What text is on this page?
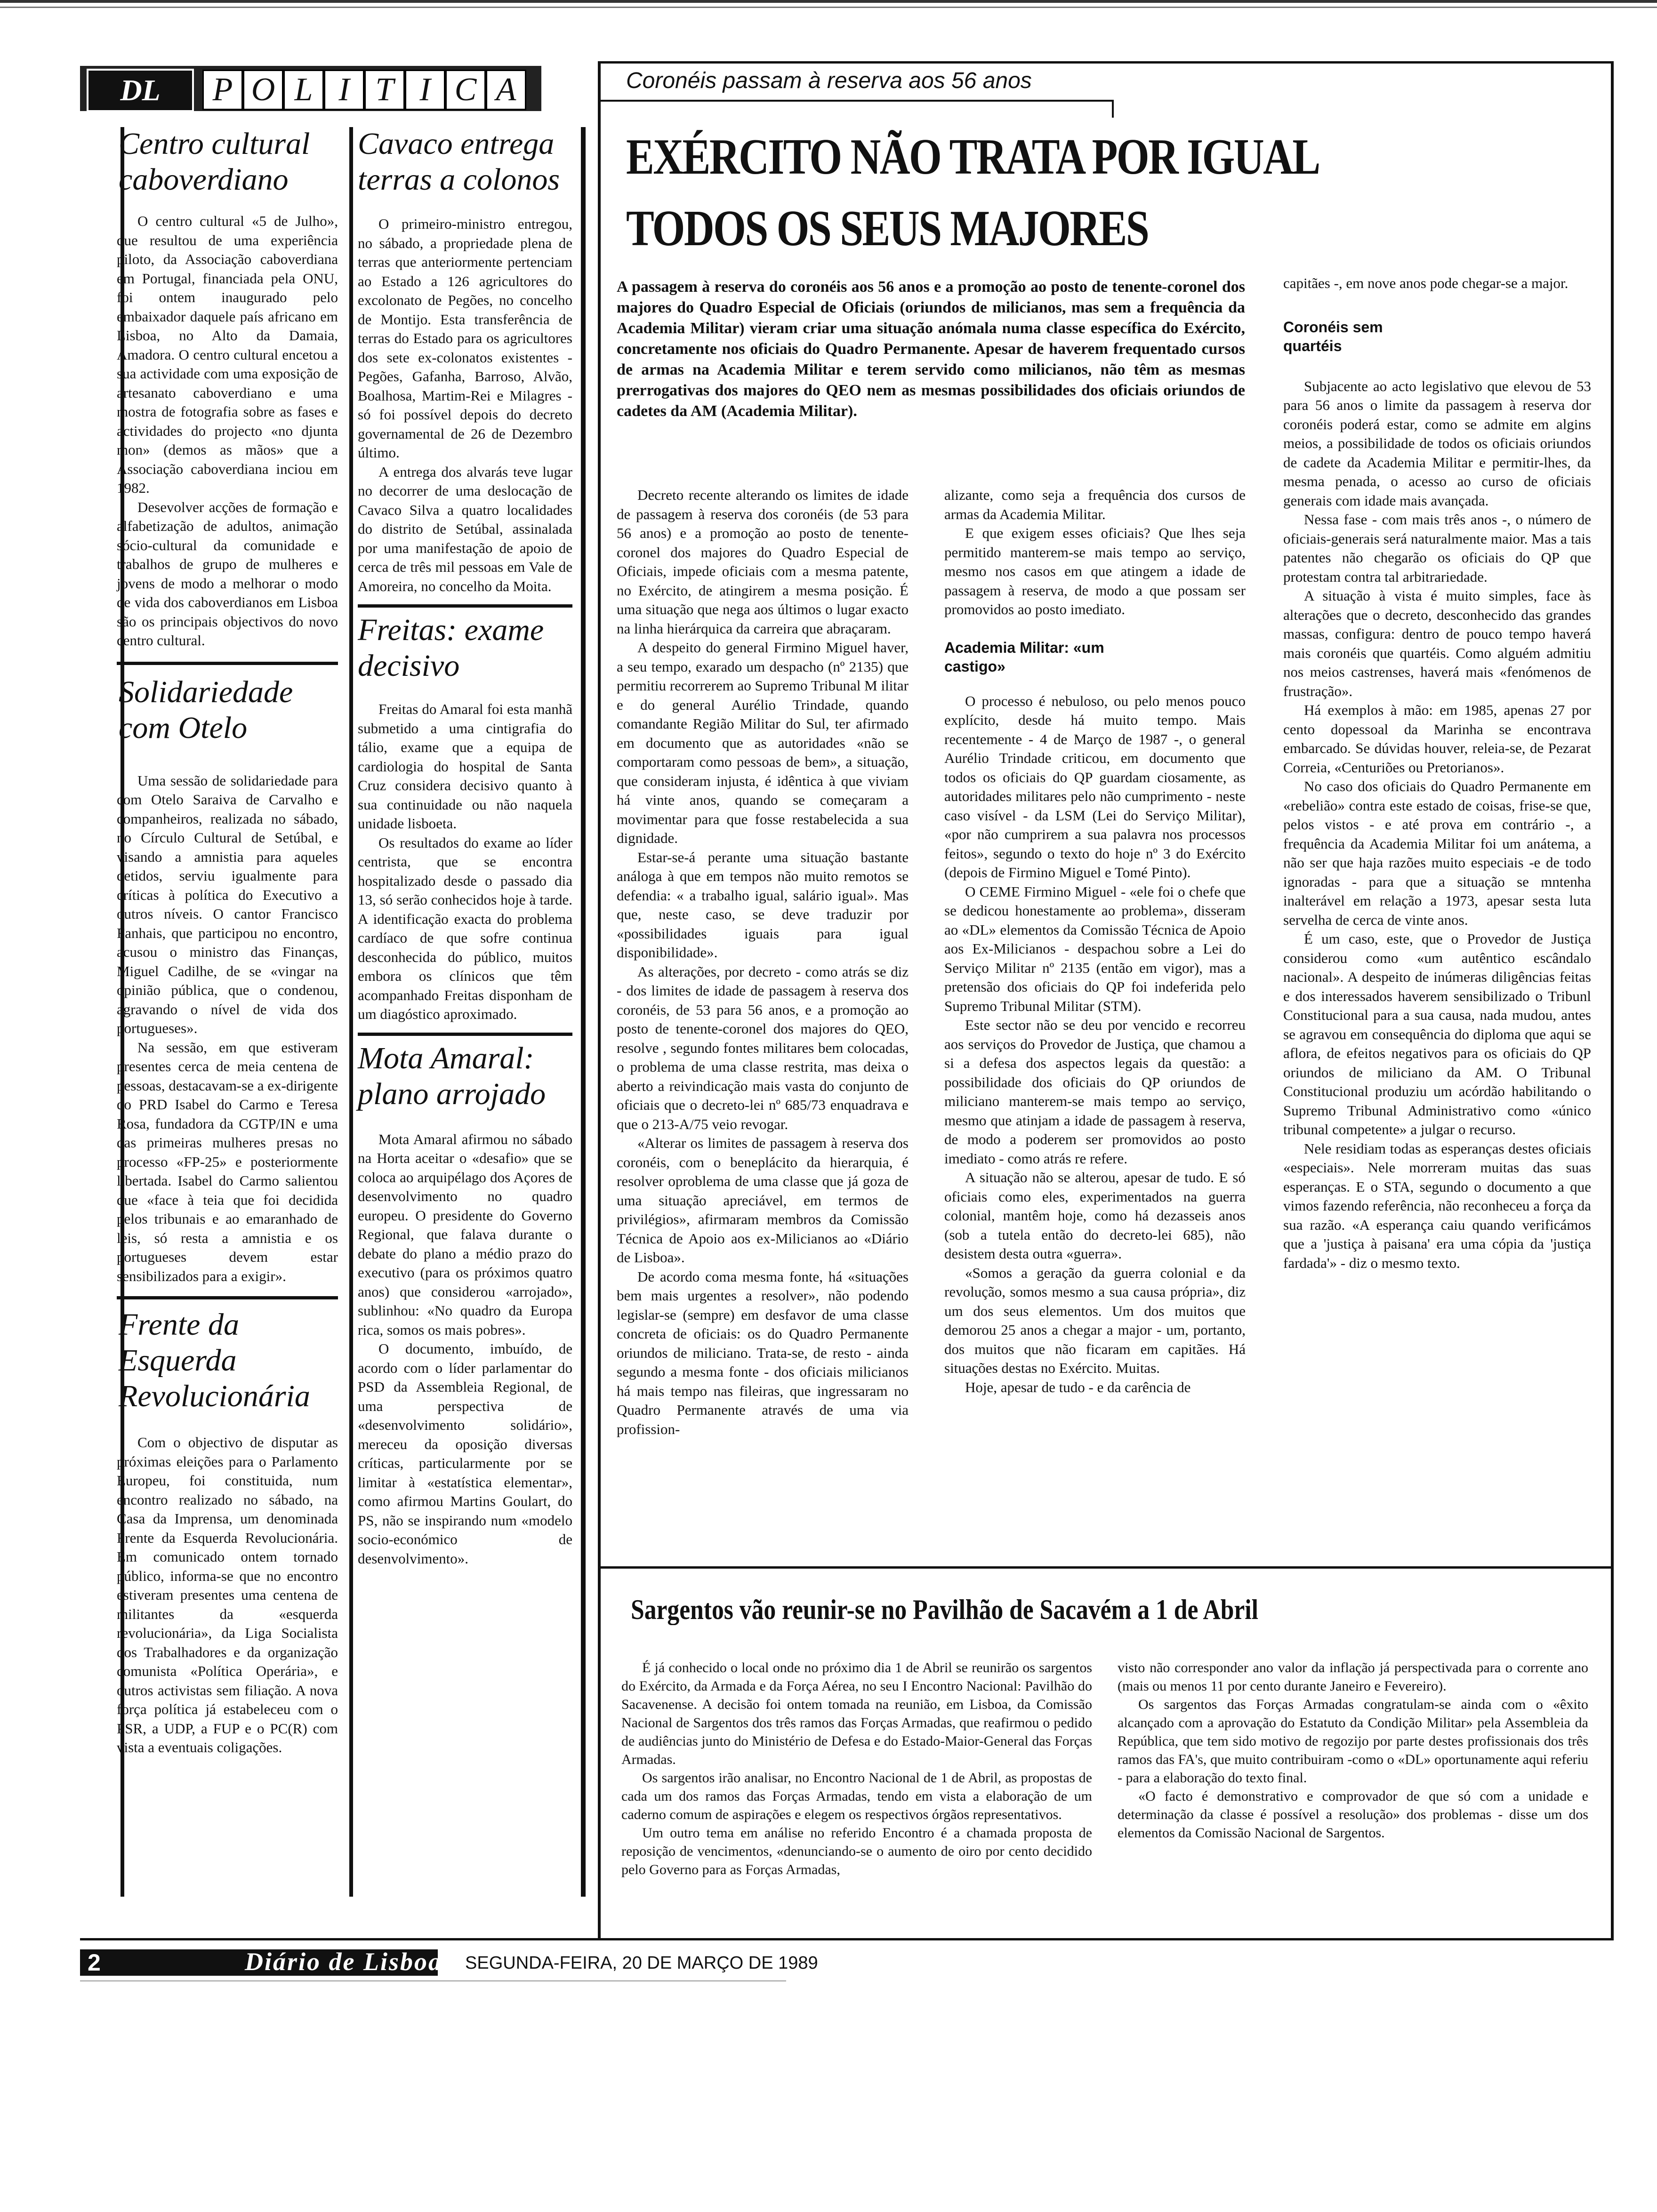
DL	P O L I T I C A
Centro cultural caboverdiano

O centro cultural «5 de Julho», que resultou de uma experiência piloto, da Associação caboverdiana em Portugal, financiada pela ONU, foi ontem inaugurado pelo embaixador daquele país africano em Lisboa, no Alto da Damaia, Amadora. O centro cultural encetou a sua actividade com uma exposição de artesanato caboverdiano e uma mostra de fotografia sobre as fases e actividades do projecto «no djunta mon» (demos as mãos» que a Associação caboverdiana inciou em 1982.

Desevolver acções de formação e alfabetização de adultos, animação sócio-cultural da comunidade e trabalhos de grupo de mulheres e jovens de modo a melhorar o modo de vida dos caboverdianos em Lisboa são os principais objectivos do novo centro cultural.

Solidariedade com Otelo

Uma sessão de solidariedade para com Otelo Saraiva de Carvalho e companheiros, realizada no sábado, no Círculo Cultural de Setúbal, e visando a amnistia para aqueles detidos, serviu igualmente para críticas à política do Executivo a outros níveis. O cantor Francisco Fanhais, que participou no encontro, acusou o ministro das Finanças, Miguel Cadilhe, de se «vingar na opinião pública, que o condenou, agravando o nível de vida dos portugueses».

Na sessão, em que estiveram presentes cerca de meia centena de pessoas, destacavam-se a ex-dirigente do PRD Isabel do Carmo e Teresa Rosa, fundadora da CGTP/IN e uma das primeiras mulheres presas no processo «FP-25» e posteriormente libertada. Isabel do Carmo salientou que «face à teia que foi decidida pelos tribunais e ao emaranhado de leis, só resta a amnistia e os portugueses devem estar sensibilizados para a exigir».

Frente da Esquerda Revolucionária

Com o objectivo de disputar as próximas eleições para o Parlamento Europeu, foi constituida, num encontro realizado no sábado, na Casa da Imprensa, um denominada Frente da Esquerda Revolucionária. Em comunicado ontem tornado público, informa-se que no encontro estiveram presentes uma centena de militantes da «esquerda revolucionária», da Liga Socialista dos Trabalhadores e da organização comunista «Política Operária», e outros activistas sem filiação. A nova força política já estabeleceu com o PSR, a UDP, a FUP e o PC(R) com vista a eventuais coligações.

Cavaco entrega terras a colonos

O primeiro-ministro entregou, no sábado, a propriedade plena de terras que anteriormente pertenciam ao Estado a 126 agricultores do excolonato de Pegões, no concelho de Montijo. Esta transferência de terras do Estado para os agricultores dos sete ex-colonatos existentes - Pegões, Gafanha, Barroso, Alvão, Boalhosa, Martim-Rei e Milagres - só foi possível depois do decreto governamental de 26 de Dezembro último.

A entrega dos alvarás teve lugar no decorrer de uma deslocação de Cavaco Silva a quatro localidades do distrito de Setúbal, assinalada por uma manifestação de apoio de cerca de três mil pessoas em Vale de Amoreira, no concelho da Moita.

Freitas: exame decisivo

Freitas do Amaral foi esta manhã submetido a uma cintigrafia do tálio, exame que a equipa de cardiologia do hospital de Santa Cruz considera decisivo quanto à sua continuidade ou não naquela unidade lisboeta.

Os resultados do exame ao líder centrista, que se encontra hospitalizado desde o passado dia 13, só serão conhecidos hoje à tarde. A identificação exacta do problema cardíaco de que sofre continua desconhecida do público, muitos embora os clínicos que têm acompanhado Freitas disponham de um diagóstico aproximado.

Mota Amaral: plano arrojado

Mota Amaral afirmou no sábado na Horta aceitar o «desafio» que se coloca ao arquipélago dos Açores de desenvolvimento no quadro europeu. O presidente do Governo Regional, que falava durante o debate do plano a médio prazo do executivo (para os próximos quatro anos) que considerou «arrojado», sublinhou: «No quadro da Europa rica, somos os mais pobres».

O documento, imbuído, de acordo com o líder parlamentar do PSD da Assembleia Regional, de uma perspectiva de «desenvolvimento solidário», mereceu da oposição diversas críticas, particularmente por se limitar à «estatística elementar», como afirmou Martins Goulart, do PS, não se inspirando num «modelo socio-económico de desenvolvimento».

Coronéis passam à reserva aos 56 anos
EXÉRCITO NÃO TRATA POR IGUAL
TODOS OS SEUS MAJORES
A passagem à reserva do coronéis aos 56 anos e a promoção ao posto de tenente-coronel dos majores do Quadro Especial de Oficiais (oriundos de milicianos, mas sem a frequência da Academia Militar) vieram criar uma situação anómala numa classe específica do Exército, concretamente nos oficiais do Quadro Permanente. Apesar de haverem frequentado cursos de armas na Academia Militar e terem servido como milicianos, não têm as mesmas prerrogativas dos majores do QEO nem as mesmas possibilidades dos oficiais oriundos de cadetes da AM (Academia Militar).

Decreto recente alterando os limites de idade de passagem à reserva dos coronéis (de 53 para 56 anos) e a promoção ao posto de tenente-coronel dos majores do Quadro Especial de Oficiais, impede oficiais com a mesma patente, no Exército, de atingirem a mesma posição. É uma situação que nega aos últimos o lugar exacto na linha hierárquica da carreira que abraçaram.

A despeito do general Firmino Miguel haver, a seu tempo, exarado um despacho (nº 2135) que permitiu recorrerem ao Supremo Tribunal M ilitar e do general Aurélio Trindade, quando comandante Região Militar do Sul, ter afirmado em documento que as autoridades «não se comportaram como pessoas de bem», a situação, que consideram injusta, é idêntica à que viviam há vinte anos, quando se começaram a movimentar para que fosse restabelecida a sua dignidade.

Estar-se-á perante uma situação bastante análoga à que em tempos não muito remotos se defendia: « a trabalho igual, salário igual». Mas que, neste caso, se deve traduzir por «possibilidades iguais para igual disponibilidade».

As alterações, por decreto - como atrás se diz - dos limites de idade de passagem à reserva dos coronéis, de 53 para 56 anos, e a promoção ao posto de tenente-coronel dos majores do QEO, resolve , segundo fontes militares bem colocadas, o problema de uma classe restrita, mas deixa o aberto a reivindicação mais vasta do conjunto de oficiais que o decreto-lei nº 685/73 enquadrava e que o 213-A/75 veio revogar.

«Alterar os limites de passagem à reserva dos coronéis, com o beneplácito da hierarquia, é resolver oproblema de uma classe que já goza de uma situação apreciável, em termos de privilégios», afirmaram membros da Comissão Técnica de Apoio aos ex-Milicianos ao «Diário de Lisboa».

De acordo coma mesma fonte, há «situações bem mais urgentes a resolver», não podendo legislar-se (sempre) em desfavor de uma classe concreta de oficiais: os do Quadro Permanente oriundos de miliciano. Trata-se, de resto - ainda segundo a mesma fonte - dos oficiais milicianos há mais tempo nas fileiras, que ingressaram no Quadro Permanente através de uma via profission-

alizante, como seja a frequência dos cursos de armas da Academia Militar.

E que exigem esses oficiais? Que lhes seja permitido manterem-se mais tempo ao serviço, mesmo nos casos em que atingem a idade de passagem à reserva, de modo a que possam ser promovidos ao posto imediato.

Academia Militar: «um castigo»

O processo é nebuloso, ou pelo menos pouco explícito, desde há muito tempo. Mais recentemente - 4 de Março de 1987 -, o general Aurélio Trindade criticou, em documento que todos os oficiais do QP guardam ciosamente, as autoridades militares pelo não cumprimento - neste caso visível - da LSM (Lei do Serviço Militar), «por não cumprirem a sua palavra nos processos feitos», segundo o texto do hoje nº 3 do Exército (depois de Firmino Miguel e Tomé Pinto).

O CEME Firmino Miguel - «ele foi o chefe que se dedicou honestamente ao problema», disseram ao «DL» elementos da Comissão Técnica de Apoio aos Ex-Milicianos - despachou sobre a Lei do Serviço Militar nº 2135 (então em vigor), mas a pretensão dos oficiais do QP foi indeferida pelo Supremo Tribunal Militar (STM).

Este sector não se deu por vencido e recorreu aos serviços do Provedor de Justiça, que chamou a si a defesa dos aspectos legais da questão: a possibilidade dos oficiais do QP oriundos de miliciano manterem-se mais tempo ao serviço, mesmo que atinjam a idade de passagem à reserva, de modo a poderem ser promovidos ao posto imediato - como atrás re refere.

A situação não se alterou, apesar de tudo. E só oficiais como eles, experimentados na guerra colonial, mantêm hoje, como há dezasseis anos (sob a tutela então do decreto-lei 685), não desistem desta outra «guerra».

«Somos a geração da guerra colonial e da revolução, somos mesmo a sua causa própria», diz um dos seus elementos. Um dos muitos que demorou 25 anos a chegar a major - um, portanto, dos muitos que não ficaram em capitães. Há situações destas no Exército. Muitas.

Hoje, apesar de tudo - e da carência de

capitães -, em nove anos pode chegar-se a major.

Coronéis sem quartéis

Subjacente ao acto legislativo que elevou de 53 para 56 anos o limite da passagem à reserva dor coronéis poderá estar, como se admite em algins meios, a possibilidade de todos os oficiais oriundos de cadete da Academia Militar e permitir-lhes, da mesma penada, o acesso ao curso de oficiais generais com idade mais avançada.

Nessa fase - com mais três anos -, o número de oficiais-generais será naturalmente maior. Mas a tais patentes não chegarão os oficiais do QP que protestam contra tal arbitrariedade.

A situação à vista é muito simples, face às alterações que o decreto, desconhecido das grandes massas, configura: dentro de pouco tempo haverá mais coronéis que quartéis. Como alguém admitiu nos meios castrenses, haverá mais «fenómenos de frustração».

Há exemplos à mão: em 1985, apenas 27 por cento dopessoal da Marinha se encontrava embarcado. Se dúvidas houver, releia-se, de Pezarat Correia, «Centuriões ou Pretorianos».

No caso dos oficiais do Quadro Permanente em «rebelião» contra este estado de coisas, frise-se que, pelos vistos - e até prova em contrário -, a frequência da Academia Militar foi um anátema, a não ser que haja razões muito especiais -e de todo ignoradas - para que a situação se mntenha inalterável em relação a 1973, apesar sesta luta servelha de cerca de vinte anos.

É um caso, este, que o Provedor de Justiça considerou como «um autêntico escândalo nacional». A despeito de inúmeras diligências feitas e dos interessados haverem sensibilizado o Tribunl Constitucional para a sua causa, nada mudou, antes se agravou em consequência do diploma que aqui se aflora, de efeitos negativos para os oficiais do QP oriundos de miliciano da AM. O Tribunal Constitucional produziu um acórdão habilitando o Supremo Tribunal Administrativo como «único tribunal competente» a julgar o recurso.

Nele residiam todas as esperanças destes oficiais «especiais». Nele morreram muitas das suas esperanças. E o STA, segundo o documento a que vimos fazendo referência, não reconheceu a força da sua razão. «A esperança caiu quando verificámos que a 'justiça à paisana' era uma cópia da 'justiça fardada'» - diz o mesmo texto.

Sargentos vão reunir-se no Pavilhão de Sacavém a 1 de Abril

É já conhecido o local onde no próximo dia 1 de Abril se reunirão os sargentos do Exército, da Armada e da Força Aérea, no seu I Encontro Nacional: Pavilhão do Sacavenense. A decisão foi ontem tomada na reunião, em Lisboa, da Comissão Nacional de Sargentos dos três ramos das Forças Armadas, que reafirmou o pedido de audiências junto do Ministério de Defesa e do Estado-Maior-General das Forças Armadas.

Os sargentos irão analisar, no Encontro Nacional de 1 de Abril, as propostas de cada um dos ramos das Forças Armadas, tendo em vista a elaboração de um caderno comum de aspirações e elegem os respectivos órgãos representativos.

Um outro tema em análise no referido Encontro é a chamada proposta de reposição de vencimentos, «denunciando-se o aumento de oiro por cento decidido pelo Governo para as Forças Armadas,

visto não corresponder ano valor da inflação já perspectivada para o corrente ano (mais ou menos 11 por cento durante Janeiro e Fevereiro).

Os sargentos das Forças Armadas congratulam-se ainda com o «êxito alcançado com a aprovação do Estatuto da Condição Militar» pela Assembleia da República, que tem sido motivo de regozijo por parte destes profissionais dos três ramos das FA's, que muito contribuiram -como o «DL» oportunamente aqui referiu - para a elaboração do texto final.

«O facto é demonstrativo e comprovador de que só com a unidade e determinação da classe é possível a resolução» dos problemas - disse um dos elementos da Comissão Nacional de Sargentos.

2	Diário de Lisboa SEGUNDA-FEIRA, 20 DE MARÇO DE 1989
